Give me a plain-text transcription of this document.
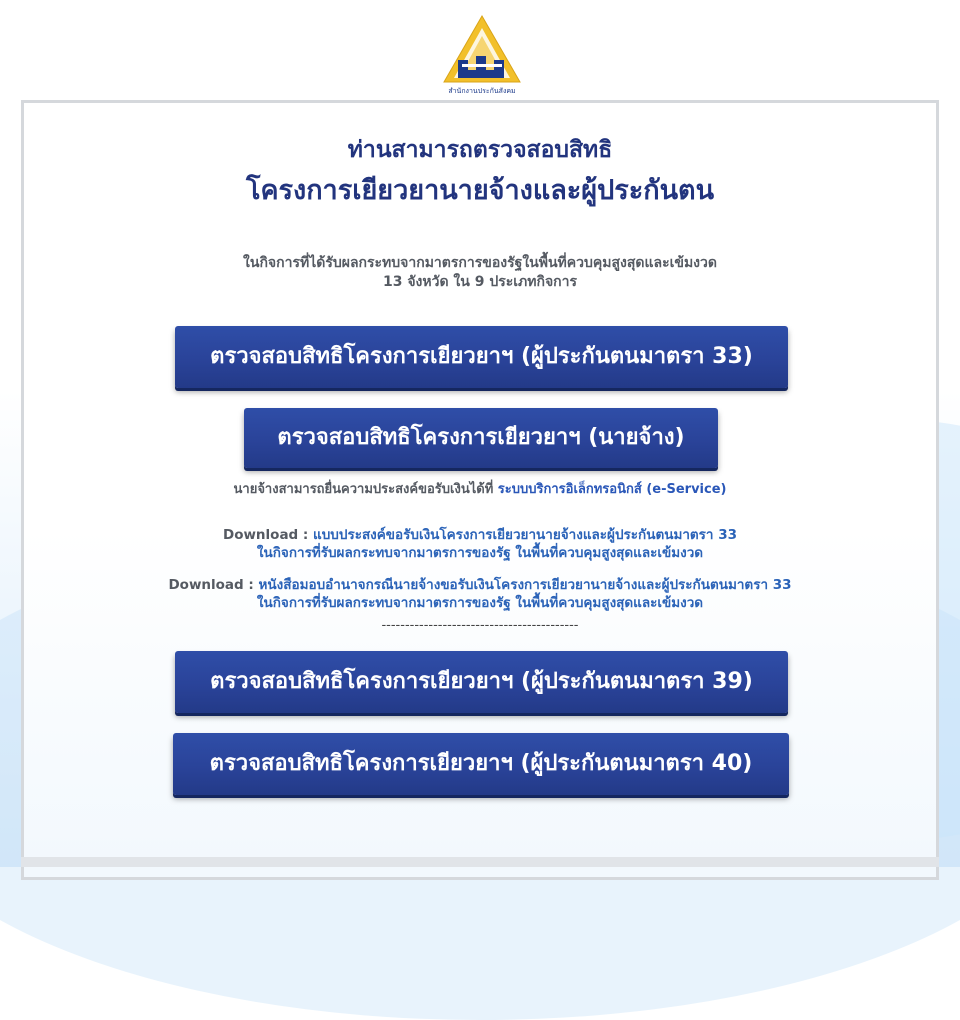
สำนักงานประกันสังคม
ท่านสามารถตรวจสอบสิทธิ
โครงการเยียวยานายจ้างและผู้ประกันตน
ในกิจการที่ได้รับผลกระทบจากมาตรการของรัฐในพื้นที่ควบคุมสูงสุดและเข้มงวด
13 จังหวัด ใน 9 ประเภทกิจการ
ตรวจสอบสิทธิโครงการเยียวยาฯ (ผู้ประกันตนมาตรา 33)
ตรวจสอบสิทธิโครงการเยียวยาฯ (นายจ้าง)
นายจ้างสามารถยื่นความประสงค์ขอรับเงินได้ที่ ระบบบริการอิเล็กทรอนิกส์ (e-Service)
Download : แบบประสงค์ขอรับเงินโครงการเยียวยานายจ้างและผู้ประกันตนมาตรา 33
ในกิจการที่รับผลกระทบจากมาตรการของรัฐ ในพื้นที่ควบคุมสูงสุดและเข้มงวด
Download : หนังสือมอบอำนาจกรณีนายจ้างขอรับเงินโครงการเยียวยานายจ้างและผู้ประกันตนมาตรา 33
ในกิจการที่รับผลกระทบจากมาตรการของรัฐ ในพื้นที่ควบคุมสูงสุดและเข้มงวด
------------------------------------------
ตรวจสอบสิทธิโครงการเยียวยาฯ (ผู้ประกันตนมาตรา 39)
ตรวจสอบสิทธิโครงการเยียวยาฯ (ผู้ประกันตนมาตรา 40)
